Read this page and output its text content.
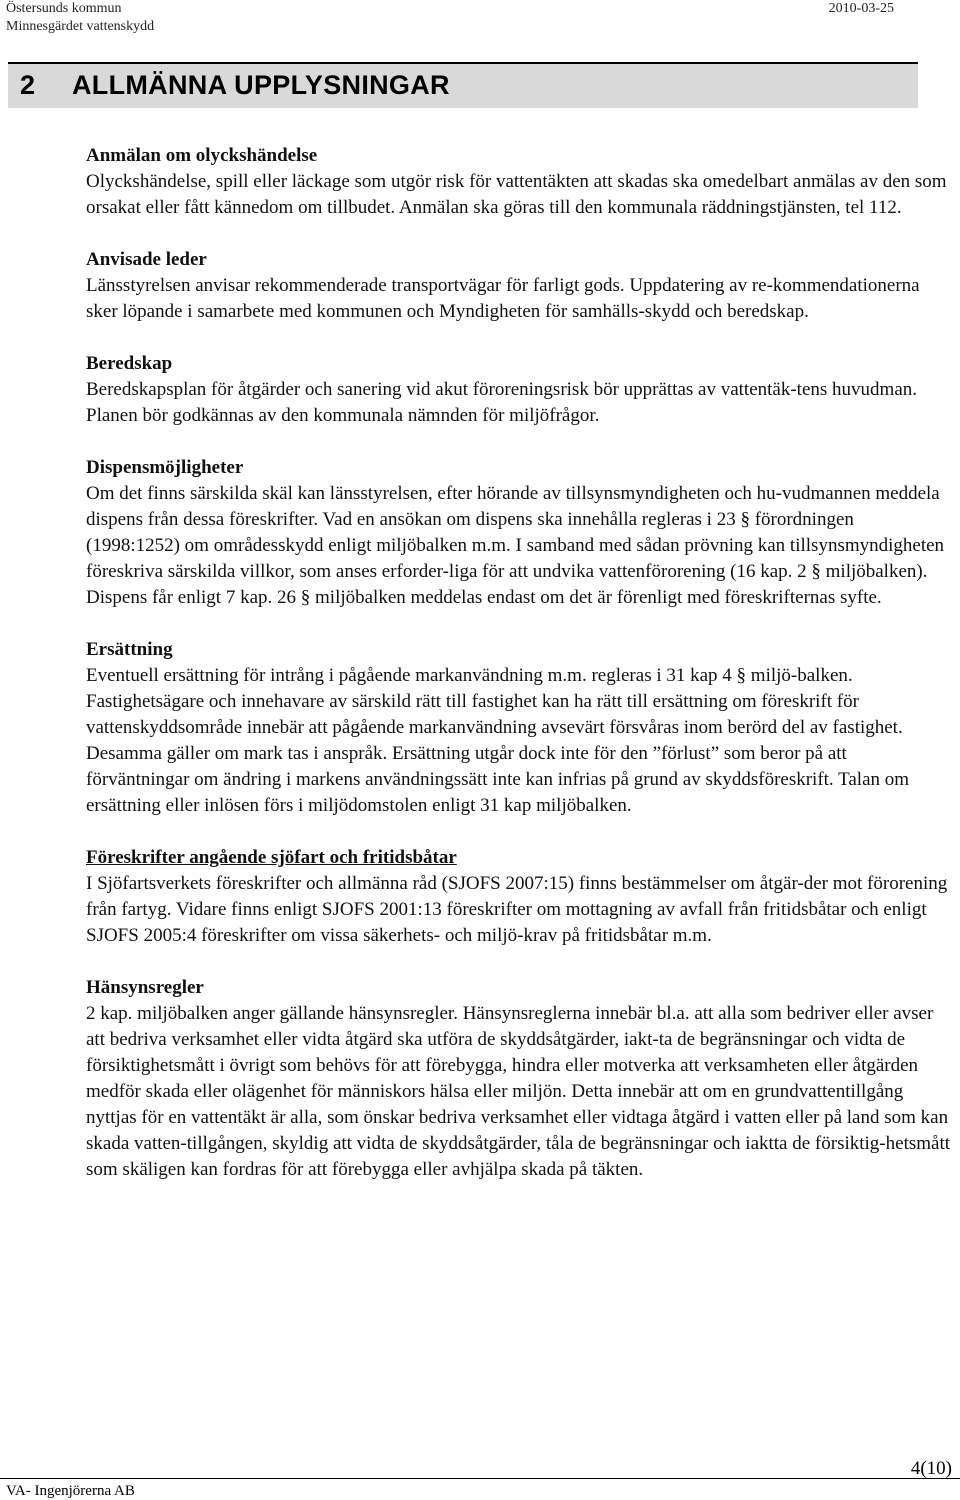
Östersunds kommun
Minnesgärdet vattenskydd
2010-03-25
2 ALLMÄNNA UPPLYSNINGAR
Anmälan om olyckshändelse

Olyckshändelse, spill eller läckage som utgör risk för vattentäkten att skadas ska omedelbart anmälas av den som orsakat eller fått kännedom om tillbudet. Anmälan ska göras till den kommunala räddningstjänsten, tel 112.

Anvisade leder

Länsstyrelsen anvisar rekommenderade transportvägar för farligt gods. Uppdatering av re-kommendationerna sker löpande i samarbete med kommunen och Myndigheten för samhälls-skydd och beredskap.

Beredskap

Beredskapsplan för åtgärder och sanering vid akut föroreningsrisk bör upprättas av vattentäk-tens huvudman. Planen bör godkännas av den kommunala nämnden för miljöfrågor.

Dispensmöjligheter

Om det finns särskilda skäl kan länsstyrelsen, efter hörande av tillsynsmyndigheten och hu-vudmannen meddela dispens från dessa föreskrifter. Vad en ansökan om dispens ska innehålla regleras i 23 § förordningen (1998:1252) om områdesskydd enligt miljöbalken m.m. I samband med sådan prövning kan tillsynsmyndigheten föreskriva särskilda villkor, som anses erforder-liga för att undvika vattenförorening (16 kap. 2 § miljöbalken). Dispens får enligt 7 kap. 26 § miljöbalken meddelas endast om det är förenligt med föreskrifternas syfte.

Ersättning

Eventuell ersättning för intrång i pågående markanvändning m.m. regleras i 31 kap 4 § miljö-balken. Fastighetsägare och innehavare av särskild rätt till fastighet kan ha rätt till ersättning om föreskrift för vattenskyddsområde innebär att pågående markanvändning avsevärt försvåras inom berörd del av fastighet. Desamma gäller om mark tas i anspråk. Ersättning utgår dock inte för den ”förlust” som beror på att förväntningar om ändring i markens användningssätt inte kan infrias på grund av skyddsföreskrift. Talan om ersättning eller inlösen förs i miljödomstolen enligt 31 kap miljöbalken.

Föreskrifter angående sjöfart och fritidsbåtar

I Sjöfartsverkets föreskrifter och allmänna råd (SJOFS 2007:15) finns bestämmelser om åtgär-der mot förorening från fartyg. Vidare finns enligt SJOFS 2001:13 föreskrifter om mottagning av avfall från fritidsbåtar och enligt SJOFS 2005:4 föreskrifter om vissa säkerhets- och miljö-krav på fritidsbåtar m.m.

Hänsynsregler

2 kap. miljöbalken anger gällande hänsynsregler. Hänsynsreglerna innebär bl.a. att alla som bedriver eller avser att bedriva verksamhet eller vidta åtgärd ska utföra de skyddsåtgärder, iakt-ta de begränsningar och vidta de försiktighetsmått i övrigt som behövs för att förebygga, hindra eller motverka att verksamheten eller åtgärden medför skada eller olägenhet för människors hälsa eller miljön. Detta innebär att om en grundvattentillgång nyttjas för en vattentäkt är alla, som önskar bedriva verksamhet eller vidtaga åtgärd i vatten eller på land som kan skada vatten-tillgången, skyldig att vidta de skyddsåtgärder, tåla de begränsningar och iaktta de försiktig-hetsmått som skäligen kan fordras för att förebygga eller avhjälpa skada på täkten.

4(10)
VA- Ingenjörerna AB
